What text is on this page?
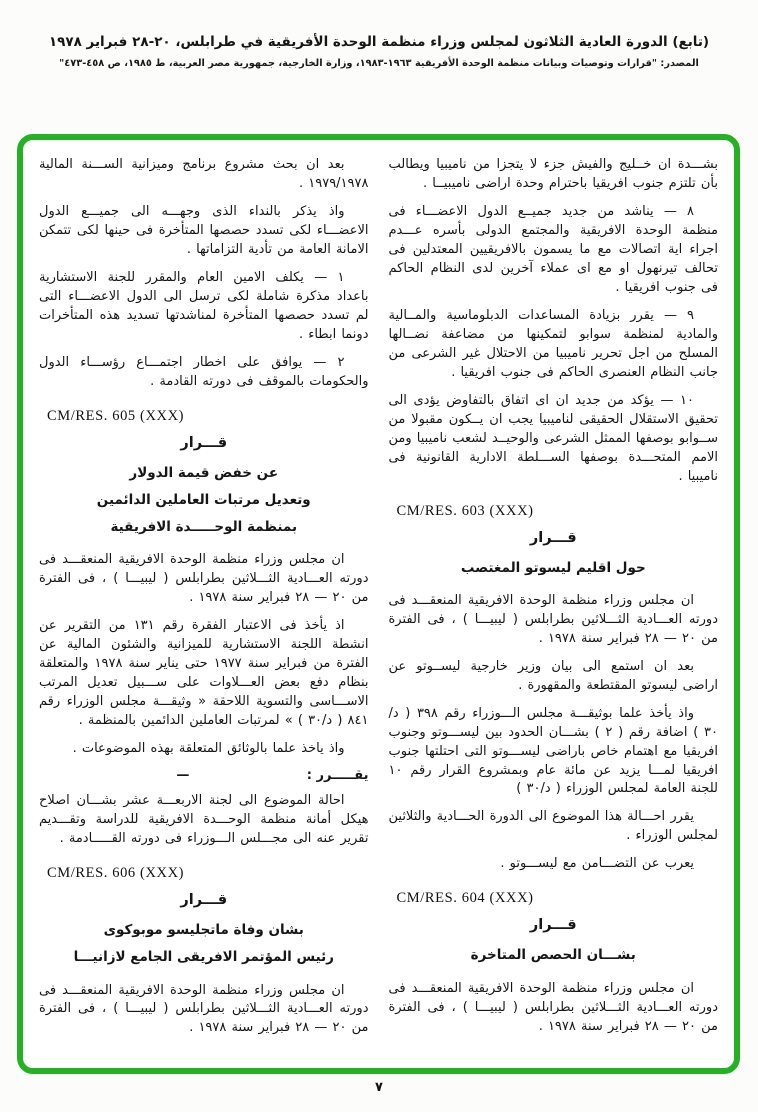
(تابع) الدورة العادية الثلاثون لمجلس وزراء منظمة الوحدة الأفريقية في طرابلس، ٢٠-٢٨ فبراير ١٩٧٨
المصدر: "قرارات وتوصيات وبيانات منظمة الوحدة الأفريقية ١٩٦٣-١٩٨٣، وزارة الخارجية، جمهورية مصر العربية، ط ١٩٨٥، ص ٤٥٨-٤٧٣"

بشـــدة ان خــليج والفيش جزء لا يتجزا من ناميبيا ويطالب بأن تلتزم جنوب افريقيا باحترام وحدة اراضى ناميبيــا .

٨ — يناشد من جديد جميــع الدول الاعضـــاء فى منظمة الوحدة الافريقية والمجتمع الدولى بأسره عـــدم اجراء اية اتصالات مع ما يسمون بالافريقيين المعتدلين فى تحالف تيرنهول او مع اى عملاء آخرين لدى النظام الحاكم فى جنوب افريقيا .

٩ — يقرر بزيادة المساعدات الدبلوماسية والمــالية والمادية لمنظمة سوابو لتمكينها من مضاعفة نضــالها المسلح من اجل تحرير ناميبيا من الاحتلال غير الشرعى من جانب النظام العنصرى الحاكم فى جنوب افريقيا .

١٠ — يؤكد من جديد ان اى اتفاق بالتفاوض يؤدى الى تحقيق الاستقلال الحقيقى لناميبيا يجب ان يــكون مقبولا من ســوابو بوصفها الممثل الشرعى والوحيــد لشعب ناميبيا ومن الامم المتحـــدة بوصفها الســـلطة الادارية القانونية فى ناميبيا .

CM/RES. 603 (XXX)
قـــرار
حول اقليم ليسوتو المغتصب

ان مجلس وزراء منظمة الوحدة الافريقية المنعقـــد فى دورته العـــادية الثـــلاثين بطرابلس ( ليبيـــا ) ، فى الفترة من ٢٠ — ٢٨ فبراير سنة ١٩٧٨ .

بعد ان استمع الى بيان وزير خارجية ليســوتو عن اراضى ليسوتو المقتطعة والمقهورة .

واذ يأخذ علما بوثيقـــة مجلس الـــوزراء رقم ٣٩٨ ( د/٣٠ ) اضافة رقم ( ٢ ) بشـــان الحدود بين ليســـوتو وجنوب افريقيا مع اهتمام خاص باراضى ليســـوتو التى احتلتها جنوب افريقيا لمـــا يزيد عن مائة عام وبمشروع القرار رقم ١٠ للجنة العامة لمجلس الوزراء ( د/٣٠ )

يقرر احـــالة هذا الموضوع الى الدورة الحـــادية والثلاثين لمجلس الوزراء .

يعرب عن التضـــامن مع ليســـوتو .

CM/RES. 604 (XXX)
قـــرار
بشـــان الحصص المتاخرة

ان مجلس وزراء منظمة الوحدة الافريقية المنعقـــد فى دورته العـــادية الثـــلاثين بطرابلس ( ليبيـــا ) ، فى الفترة من ٢٠ — ٢٨ فبراير سنة ١٩٧٨ .

بعد ان بحث مشروع برنامج وميزانية الســـنة المالية ١٩٧٩/١٩٧٨ .

واذ يذكر بالنداء الذى وجهـــه الى جميـــع الدول الاعضـــاء لكى تسدد حصصها المتأخرة فى حينها لكى تتمكن الامانة العامة من تأدية التزاماتها .

١ — يكلف الامين العام والمقرر للجنة الاستشارية باعداد مذكرة شاملة لكى ترسل الى الدول الاعضـــاء التى لم تسدد حصصها المتأخرة لمناشدتها تسديد هذه المتأخرات دونما ابطاء .

٢ — يوافق على اخطار اجتمـــاع رؤســـاء الدول والحكومات بالموقف فى دورته القادمة .

CM/RES. 605 (XXX)
قـــرار
عن خفض قيمة الدولار
وتعديل مرتبات العاملين الدائمين
بمنظمة الوحـــــدة الافريقية

ان مجلس وزراء منظمة الوحدة الافريقية المنعقـــد فى دورته العـــادية الثـــلاثين بطرابلس ( ليبيـــا ) ، فى الفترة من ٢٠ — ٢٨ فبراير سنة ١٩٧٨ .

اذ يأخذ فى الاعتبار الفقرة رقم ١٣١ من التقرير عن انشطة اللجنة الاستشارية للميزانية والشئون المالية عن الفترة من فبراير سنة ١٩٧٧ حتى يناير سنة ١٩٧٨ والمتعلقة بنظام دفع بعض العـــلاوات على ســـبيل تعديل المرتب الاســـاسى والتسوية اللاحقة « وثيقـــة مجلس الوزراء رقم ٨٤١ ( د/٣٠ ) » لمرتبات العاملين الدائمين بالمنظمة .

واذ ياخذ علما بالوثائق المتعلقة بهذه الموضوعات .

يقـــــرر :
—

احالة الموضوع الى لجنة الاربعـــة عشر بشـــان اصلاح هيكل أمانة منظمة الوحـــدة الافريقية للدراسة وتقـــديم تقرير عنه الى مجـــلس الـــوزراء فى دورته القـــــادمة .

CM/RES. 606 (XXX)
قـــرار
بشان وفاة ماتجليسو موبوكوى
رئيس المؤتمر الافريقى الجامع لازانيـــا

ان مجلس وزراء منظمة الوحدة الافريقية المنعقـــد فى دورته العـــادية الثـــلاثين بطرابلس ( ليبيـــا ) ، فى الفترة من ٢٠ — ٢٨ فبراير سنة ١٩٧٨ .

٧
